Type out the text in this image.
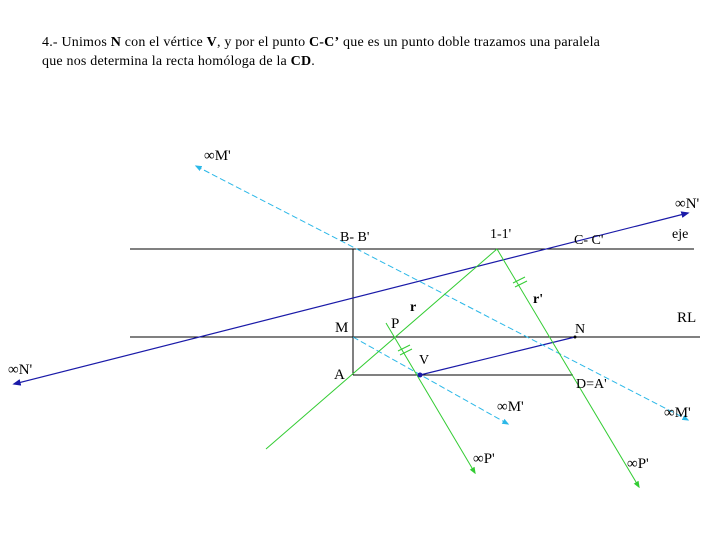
4.- Unimos N con el vértice V, y por el punto C-C’ que es un punto doble trazamos una paralela
que nos determina la recta homóloga de la CD.
∞M'
∞N'
eje
B- B'	1-1'	C- C'
r'
r
RL
M	P	N
∞N'
V
A
D=A'
∞M'	∞M'
∞P'	∞P'
